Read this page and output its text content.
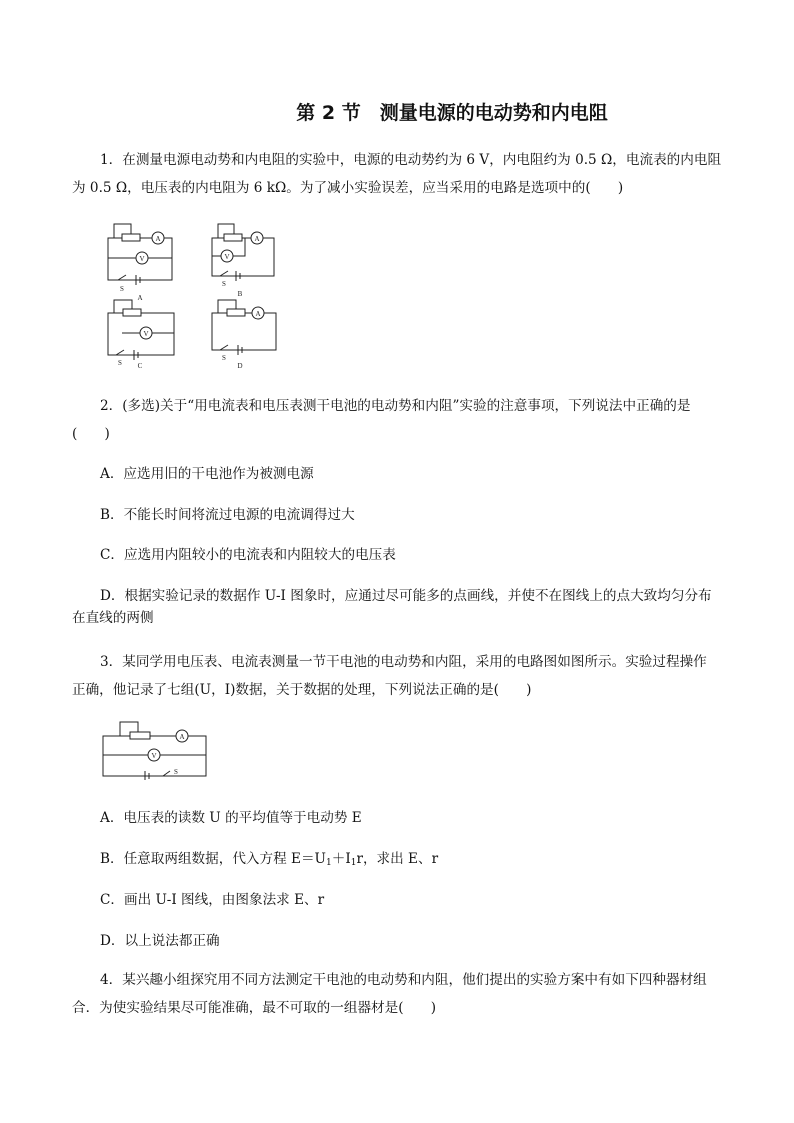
第 2 节　测量电源的电动势和内电阻
1．在测量电源电动势和内电阻的实验中，电源的电动势约为 6 V，内电阻约为 0.5 Ω，电流表的内电阻
为 0.5 Ω，电压表的内电阻为 6 kΩ。为了减小实验误差，应当采用的电路是选项中的(　　)
A
V
S
A
A
V
S
B
V
S C
A
S
D
2．(多选)关于“用电流表和电压表测干电池的电动势和内阻”实验的注意事项，下列说法中正确的是
(　　)
A．应选用旧的干电池作为被测电源
B．不能长时间将流过电源的电流调得过大
C．应选用内阻较小的电流表和内阻较大的电压表
D．根据实验记录的数据作 U-I 图象时，应通过尽可能多的点画线，并使不在图线上的点大致均匀分布
在直线的两侧
3．某同学用电压表、电流表测量一节干电池的电动势和内阻，采用的电路图如图所示。实验过程操作
正确，他记录了七组(U，I)数据，关于数据的处理，下列说法正确的是(　　)
A
V
S
A．电压表的读数 U 的平均值等于电动势 E
B．任意取两组数据，代入方程 $E=U_1+I_1r$，求出 E、r
C．画出 U-I 图线，由图象法求 E、r
D．以上说法都正确
4．某兴趣小组探究用不同方法测定干电池的电动势和内阻，他们提出的实验方案中有如下四种器材组
合．为使实验结果尽可能准确，最不可取的一组器材是(　　)
